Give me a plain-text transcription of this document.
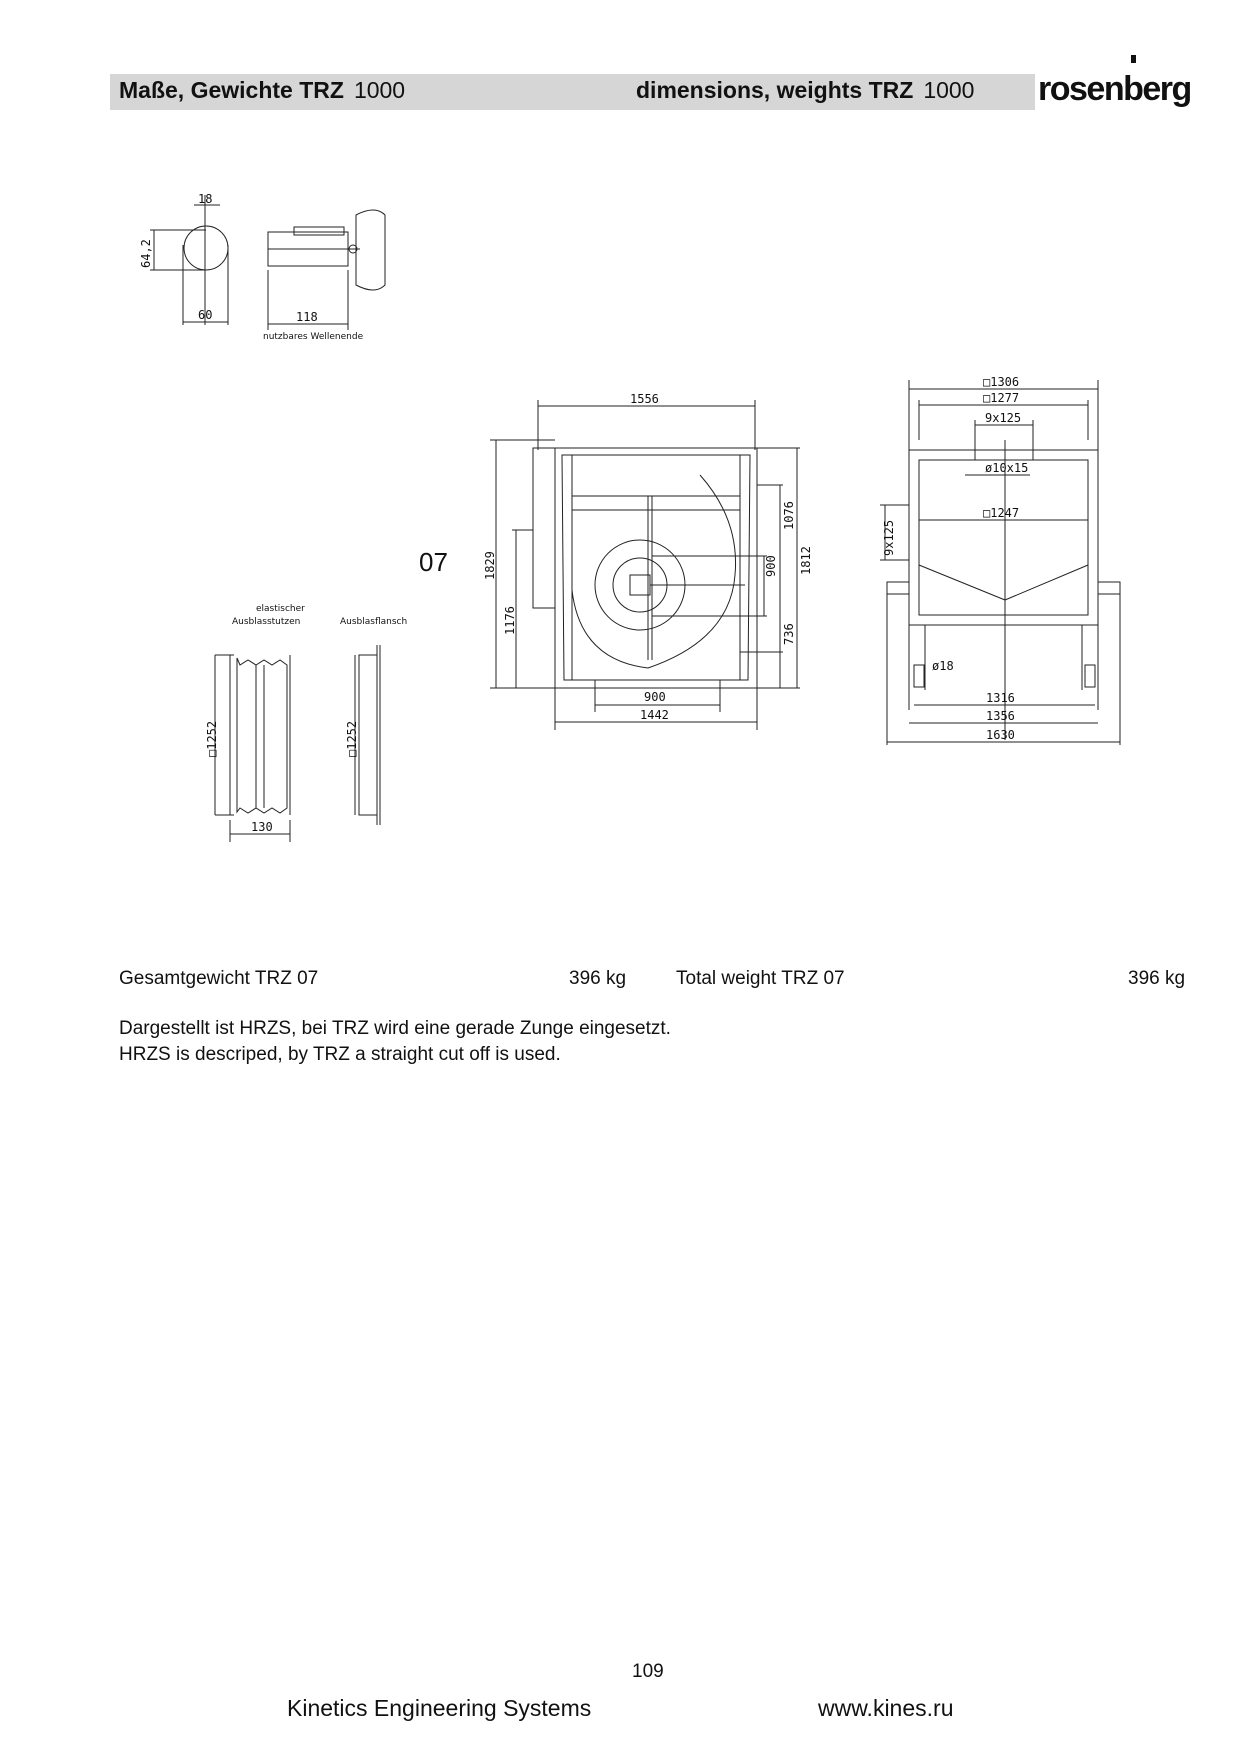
Maße, Gewichte TRZ 1000	dimensions, weights TRZ 1000 rosenberg
18
64,2
60	118
nutzbares Wellenende
elastischer
Ausblasstutzen
□1252
130
Ausblasflansch
□1252
1556
1829
1176
1076
1812
900
736
900
1442
□1306
□1277
9x125
ø10x15
□1247
9x125
ø18
1316
1356
1630
07
Gesamtgewicht TRZ 07	396 kg	Total weight TRZ 07	396 kg
Dargestellt ist HRZS, bei TRZ wird eine gerade Zunge eingesetzt.
HRZS is descriped, by TRZ a straight cut off is used.
109
Kinetics Engineering Systems	www.kines.ru
